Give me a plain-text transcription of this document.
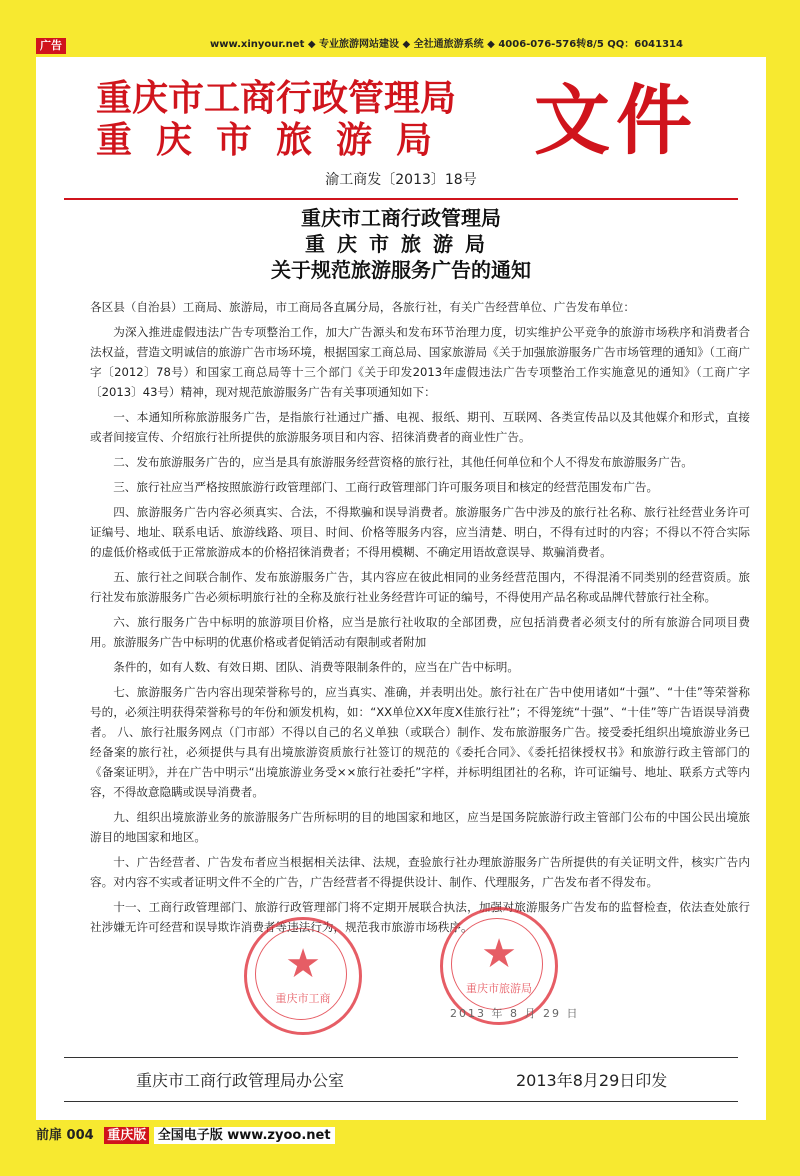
广告	www.xinyour.net ◆ 专业旅游网站建设 ◆ 全社通旅游系统 ◆ 4006-076-576转8/5 QQ：6041314
重庆市工商行政管理局
重庆市旅游局	文件
渝工商发〔2013〕18号
重庆市工商行政管理局
重庆市旅游局
关于规范旅游服务广告的通知

各区县（自治县）工商局、旅游局，市工商局各直属分局，各旅行社，有关广告经营单位、广告发布单位：

为深入推进虚假违法广告专项整治工作，加大广告源头和发布环节治理力度，切实维护公平竞争的旅游市场秩序和消费者合法权益，营造文明诚信的旅游广告市场环境，根据国家工商总局、国家旅游局《关于加强旅游服务广告市场管理的通知》（工商广字〔2012〕78号）和国家工商总局等十三个部门《关于印发2013年虚假违法广告专项整治工作实施意见的通知》（工商广字〔2013〕43号）精神，现对规范旅游服务广告有关事项通知如下：

一、本通知所称旅游服务广告，是指旅行社通过广播、电视、报纸、期刊、互联网、各类宣传品以及其他媒介和形式，直接或者间接宣传、介绍旅行社所提供的旅游服务项目和内容、招徕消费者的商业性广告。

二、发布旅游服务广告的，应当是具有旅游服务经营资格的旅行社，其他任何单位和个人不得发布旅游服务广告。

三、旅行社应当严格按照旅游行政管理部门、工商行政管理部门许可服务项目和核定的经营范围发布广告。

四、旅游服务广告内容必须真实、合法，不得欺骗和误导消费者。旅游服务广告中涉及的旅行社名称、旅行社经营业务许可证编号、地址、联系电话、旅游线路、项目、时间、价格等服务内容，应当清楚、明白，不得有过时的内容；不得以不符合实际的虚低价格或低于正常旅游成本的价格招徕消费者；不得用模糊、不确定用语故意误导、欺骗消费者。

五、旅行社之间联合制作、发布旅游服务广告，其内容应在彼此相同的业务经营范围内，不得混淆不同类别的经营资质。旅行社发布旅游服务广告必须标明旅行社的全称及旅行社业务经营许可证的编号，不得使用产品名称或品牌代替旅行社全称。

六、旅行服务广告中标明的旅游项目价格，应当是旅行社收取的全部团费，应包括消费者必须支付的所有旅游合同项目费用。旅游服务广告中标明的优惠价格或者促销活动有限制或者附加

条件的，如有人数、有效日期、团队、消费等限制条件的，应当在广告中标明。

七、旅游服务广告内容出现荣誉称号的，应当真实、准确，并表明出处。旅行社在广告中使用诸如“十强”、“十佳”等荣誉称号的，必须注明获得荣誉称号的年份和颁发机构，如：“XX单位XX年度X佳旅行社”；不得笼统“十强”、“十佳”等广告语误导消费者。 八、旅行社服务网点（门市部）不得以自己的名义单独（或联合）制作、发布旅游服务广告。接受委托组织出境旅游业务已经备案的旅行社，必须提供与具有出境旅游资质旅行社签订的规范的《委托合同》、《委托招徕授权书》和旅游行政主管部门的《备案证明》，并在广告中明示“出境旅游业务受××旅行社委托”字样，并标明组团社的名称，许可证编号、地址、联系方式等内容，不得故意隐瞒或误导消费者。

九、组织出境旅游业务的旅游服务广告所标明的目的地国家和地区，应当是国务院旅游行政主管部门公布的中国公民出境旅游目的地国家和地区。

十、广告经营者、广告发布者应当根据相关法律、法规，查验旅行社办理旅游服务广告所提供的有关证明文件，核实广告内容。对内容不实或者证明文件不全的广告，广告经营者不得提供设计、制作、代理服务，广告发布者不得发布。

十一、工商行政管理部门、旅游行政管理部门将不定期开展联合执法，加强对旅游服务广告发布的监督检查，依法查处旅行社涉嫌无许可经营和误导欺诈消费者等违法行为，规范我市旅游市场秩序。

★
重庆市工商
★
重庆市旅游局
2013 年 8 月 29 日
重庆市工商行政管理局办公室	2013年8月29日印发
前扉 004 重庆版 全国电子版 www.zyoo.net
